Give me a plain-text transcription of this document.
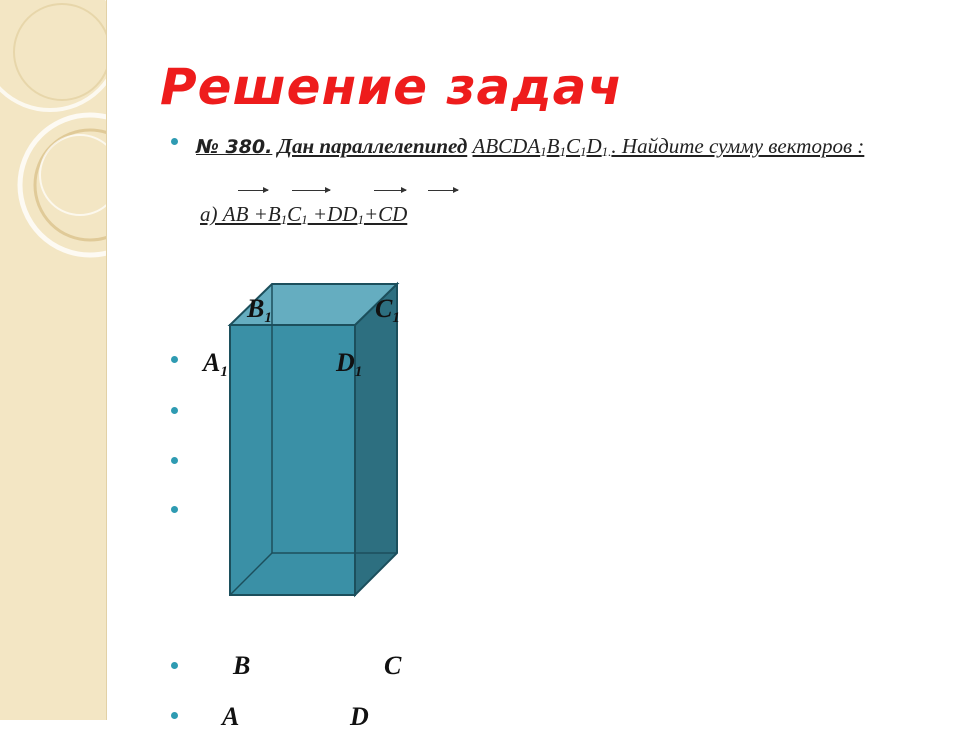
Решение задач
№ 380. Дан параллелепипед $ABCDA_1B_1C_1D_{1.}$. Найдите сумму векторов :
а) AB $+B_1C_1 +DD_1+CD$
$B_1$	$C_1$
$A_1$	$D_1$
B	C
A	D
